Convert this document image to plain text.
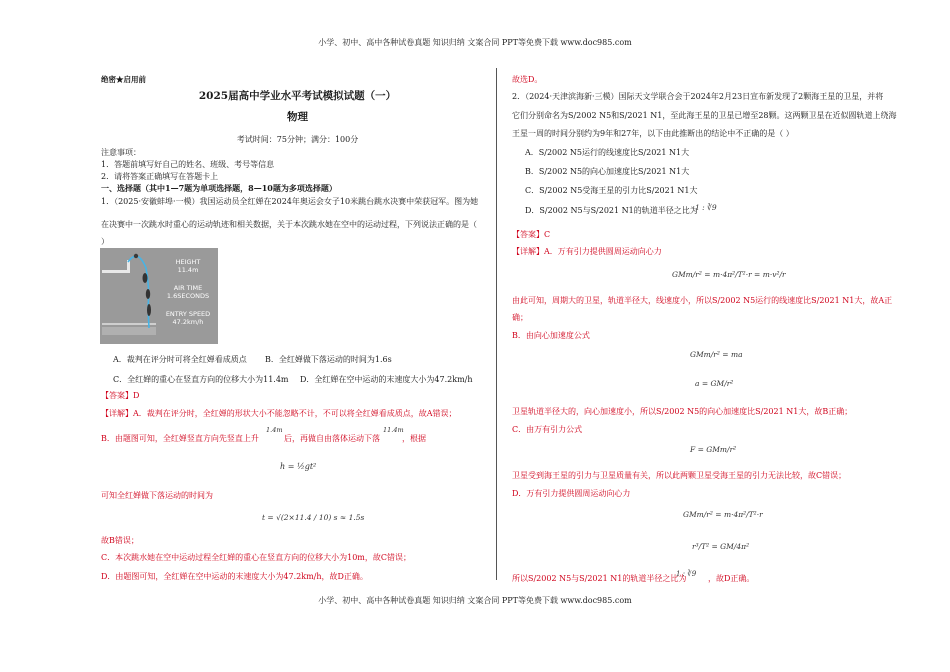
小学、初中、高中各种试卷真题 知识归纳 文案合同 PPT等免费下载 www.doc985.com
绝密★启用前
2025届高中学业水平考试模拟试题（一）
物理
考试时间：75分钟；满分：100分
注意事项：
1．答题前填写好自己的姓名、班级、考号等信息
2．请将答案正确填写在答题卡上
一、选择题（其中1—7题为单项选择题，8—10题为多项选择题）
1．（2025·安徽蚌埠·一模）我国运动员全红婵在2024年奥运会女子10米跳台跳水决赛中荣获冠军。图为她
在决赛中一次跳水时重心的运动轨迹和相关数据，关于本次跳水她在空中的运动过程，下列说法正确的是（
）
HEIGHT
11.4m
AIR TIME
1.6SECONDS
ENTRY SPEED
47.2km/h
A．裁判在评分时可将全红婵看成质点 B．全红婵做下落运动的时间为1.6s
C．全红婵的重心在竖直方向的位移大小为11.4m D．全红婵在空中运动的末速度大小为47.2km/h
【答案】D
【详解】A．裁判在评分时，全红婵的形状大小不能忽略不计，不可以将全红婵看成质点，故A错误；
B．由题图可知，全红婵竖直方向先竖直上升
1.4m
后，再做自由落体运动下落
11.4m
，根据
h = ½gt²
可知全红婵做下落运动的时间为
t = √(2×11.4 / 10) s ≈ 1.5s
故B错误；
C．本次跳水她在空中运动过程全红婵的重心在竖直方向的位移大小为10m，故C错误；
D．由题图可知，全红婵在空中运动的末速度大小为47.2km/h，故D正确。
故选D。
2．（2024·天津滨海新·三模）国际天文学联合会于2024年2月23日宣布新发现了2颗海王星的卫星，并将
它们分别命名为S/2002 N5和S/2021 N1，至此海王星的卫星已增至28颗。这两颗卫星在近似圆轨道上绕海
王星一周的时间分别约为9年和27年，以下由此推断出的结论中不正确的是（ ）
A．S/2002 N5运行的线速度比S/2021 N1大
B．S/2002 N5的向心加速度比S/2021 N1大
C．S/2002 N5受海王星的引力比S/2021 N1大
D．S/2002 N5与S/2021 N1的轨道半径之比为
1 : ∛9
【答案】C
【详解】A．万有引力提供圆周运动向心力
GMm/r² = m·4π²/T²·r = m·v²/r
由此可知，周期大的卫星，轨道半径大，线速度小，所以S/2002 N5运行的线速度比S/2021 N1大，故A正
确；
B．由向心加速度公式
GMm/r² = ma
a = GM/r²
卫星轨道半径大的，向心加速度小，所以S/2002 N5的向心加速度比S/2021 N1大，故B正确；
C．由万有引力公式
F = GMm/r²
卫星受到海王星的引力与卫星质量有关，所以此两颗卫星受海王星的引力无法比较，故C错误；
D．万有引力提供圆周运动向心力
GMm/r² = m·4π²/T²·r
r³/T² = GM/4π²
所以S/2002 N5与S/2021 N1的轨道半径之比为
1 : ∛9 ，故D正确。
小学、初中、高中各种试卷真题 知识归纳 文案合同 PPT等免费下载 www.doc985.com
